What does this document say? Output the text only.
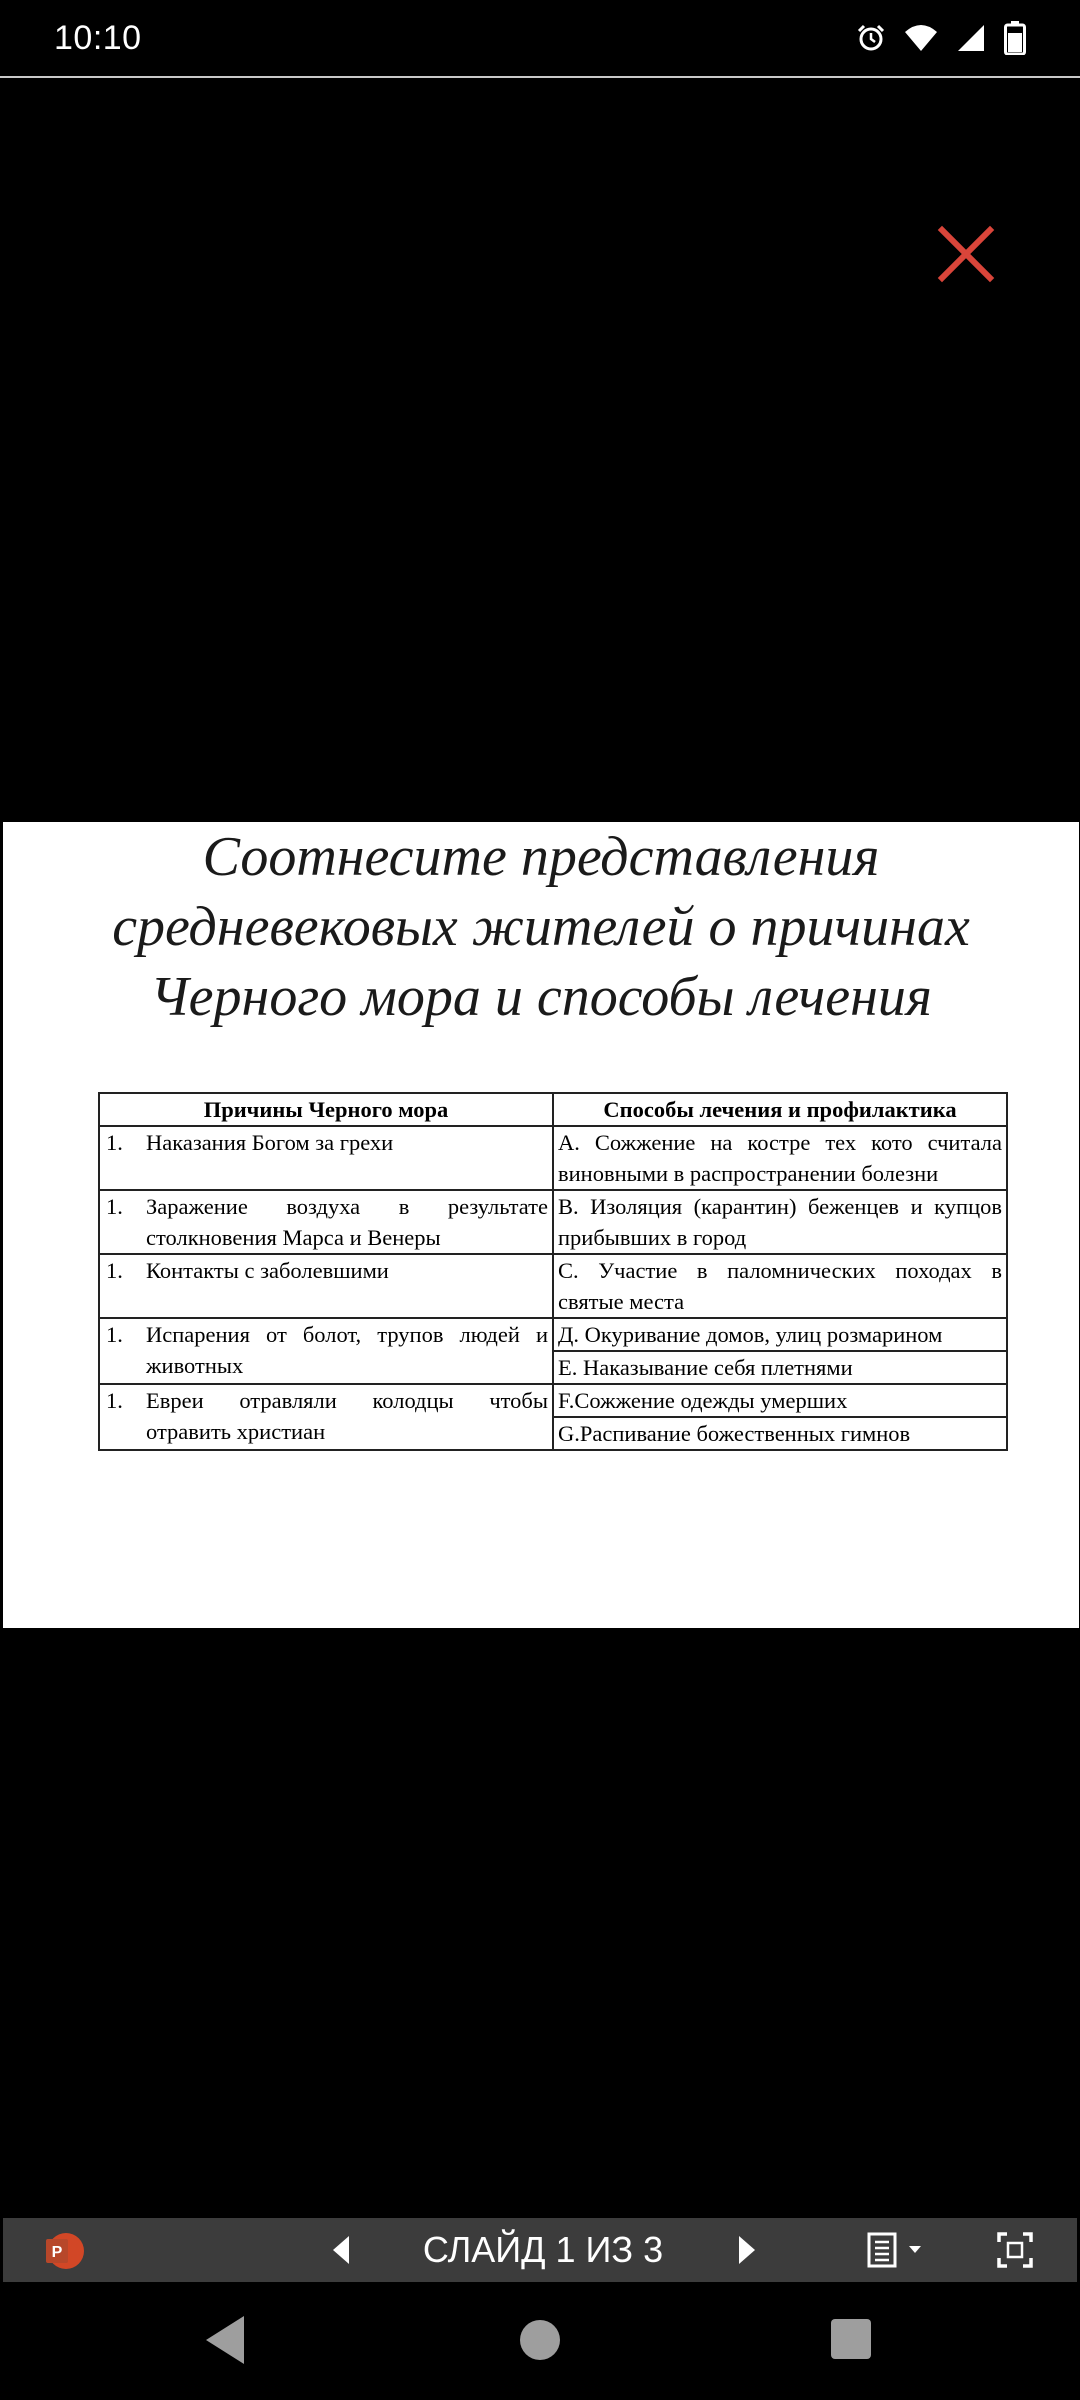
10:10
Соотнесите представления
средневековых жителей о причинах
Черного мора и способы лечения
Причины Черного мора	Способы лечения и профилактика

1. Наказания Богом за грехи	А. Сожжение на костре тех кото считала виновными в распространении болезни

1. Заражение воздуха в результате столкновения Марса и Венеры	В. Изоляция (карантин) беженцев и купцов прибывших в город

1. Контакты с заболевшими	С. Участие в паломнических походах в святые места

1. Испарения от болот, трупов людей и животных	Д. Окуривание домов, улиц розмарином
	Е. Наказывание себя плетнями

1. Евреи отравляли колодцы чтобы отравить христиан	F.Сожжение одежды умерших
	G.Распивание божественных гимнов
P	СЛАЙД 1 ИЗ 3
